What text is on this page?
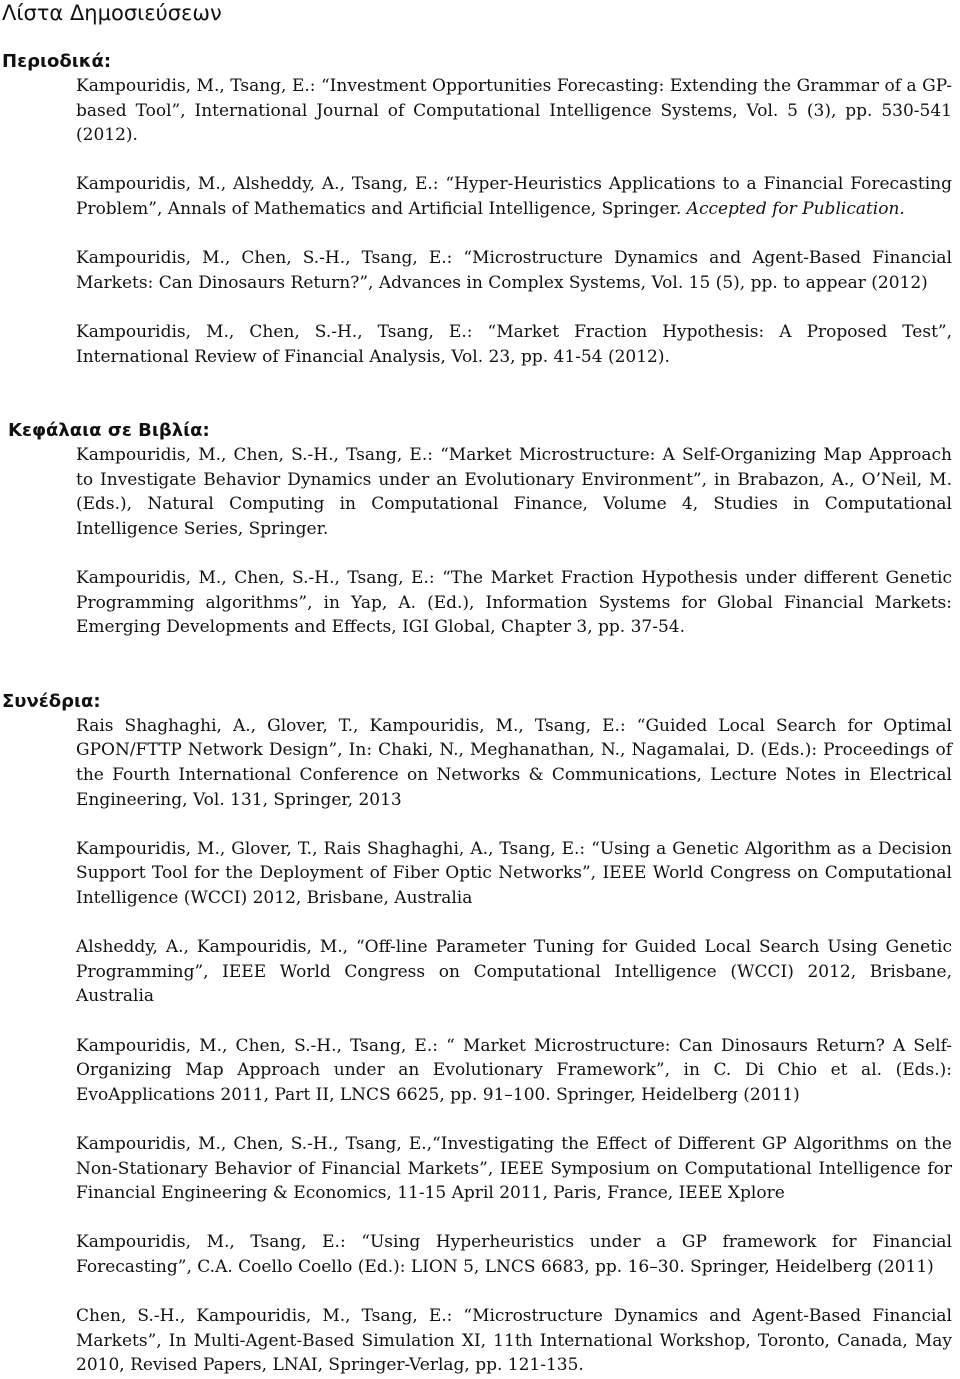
Λίστα Δημοσιεύσεων
Περιοδικά:

Kampouridis, M., Tsang, E.: “Investment Opportunities Forecasting: Extending the Grammar of a GP-based Tool”, International Journal of Computational Intelligence Systems, Vol. 5 (3), pp. 530-541 (2012).

Kampouridis, M., Alsheddy, A., Tsang, E.: “Hyper-Heuristics Applications to a Financial Forecasting Problem”, Annals of Mathematics and Artificial Intelligence, Springer. Accepted for Publication.

Kampouridis, M., Chen, S.-H., Tsang, E.: “Microstructure Dynamics and Agent-Based Financial Markets: Can Dinosaurs Return?”, Advances in Complex Systems, Vol. 15 (5), pp. to appear (2012)

Kampouridis, M., Chen, S.-H., Tsang, E.: “Market Fraction Hypothesis: A Proposed Test”, International Review of Financial Analysis, Vol. 23, pp. 41-54 (2012).

Κεφάλαια σε Βιβλία:

Kampouridis, M., Chen, S.-H., Tsang, E.: “Market Microstructure: A Self-Organizing Map Approach to Investigate Behavior Dynamics under an Evolutionary Environment”, in Brabazon, A., O’Neil, M. (Eds.), Natural Computing in Computational Finance, Volume 4, Studies in Computational Intelligence Series, Springer.

Kampouridis, M., Chen, S.-H., Tsang, E.: “The Market Fraction Hypothesis under different Genetic Programming algorithms”, in Yap, A. (Ed.), Information Systems for Global Financial Markets: Emerging Developments and Effects, IGI Global, Chapter 3, pp. 37-54.

Συνέδρια:

Rais Shaghaghi, A., Glover, T., Kampouridis, M., Tsang, E.: “Guided Local Search for Optimal GPON/FTTP Network Design”, In: Chaki, N., Meghanathan, N., Nagamalai, D. (Eds.): Proceedings of the Fourth International Conference on Networks & Communications, Lecture Notes in Electrical Engineering, Vol. 131, Springer, 2013

Kampouridis, M., Glover, T., Rais Shaghaghi, A., Tsang, E.: “Using a Genetic Algorithm as a Decision Support Tool for the Deployment of Fiber Optic Networks”, IEEE World Congress on Computational Intelligence (WCCI) 2012, Brisbane, Australia

Alsheddy, A., Kampouridis, M., “Off-line Parameter Tuning for Guided Local Search Using Genetic Programming”, IEEE World Congress on Computational Intelligence (WCCI) 2012, Brisbane, Australia

Kampouridis, M., Chen, S.-H., Tsang, E.: “ Market Microstructure: Can Dinosaurs Return? A Self-Organizing Map Approach under an Evolutionary Framework”, in C. Di Chio et al. (Eds.): EvoApplications 2011, Part II, LNCS 6625, pp. 91–100. Springer, Heidelberg (2011)

Kampouridis, M., Chen, S.-H., Tsang, E.,“Investigating the Effect of Different GP Algorithms on the Non-Stationary Behavior of Financial Markets”, IEEE Symposium on Computational Intelligence for Financial Engineering & Economics, 11-15 April 2011, Paris, France, IEEE Xplore

Kampouridis, M., Tsang, E.: “Using Hyperheuristics under a GP framework for Financial Forecasting”, C.A. Coello Coello (Ed.): LION 5, LNCS 6683, pp. 16–30. Springer, Heidelberg (2011)

Chen, S.-H., Kampouridis, M., Tsang, E.: “Microstructure Dynamics and Agent-Based Financial Markets”, In Multi-Agent-Based Simulation XI, 11th International Workshop, Toronto, Canada, May 2010, Revised Papers, LNAI, Springer-Verlag, pp. 121-135.
